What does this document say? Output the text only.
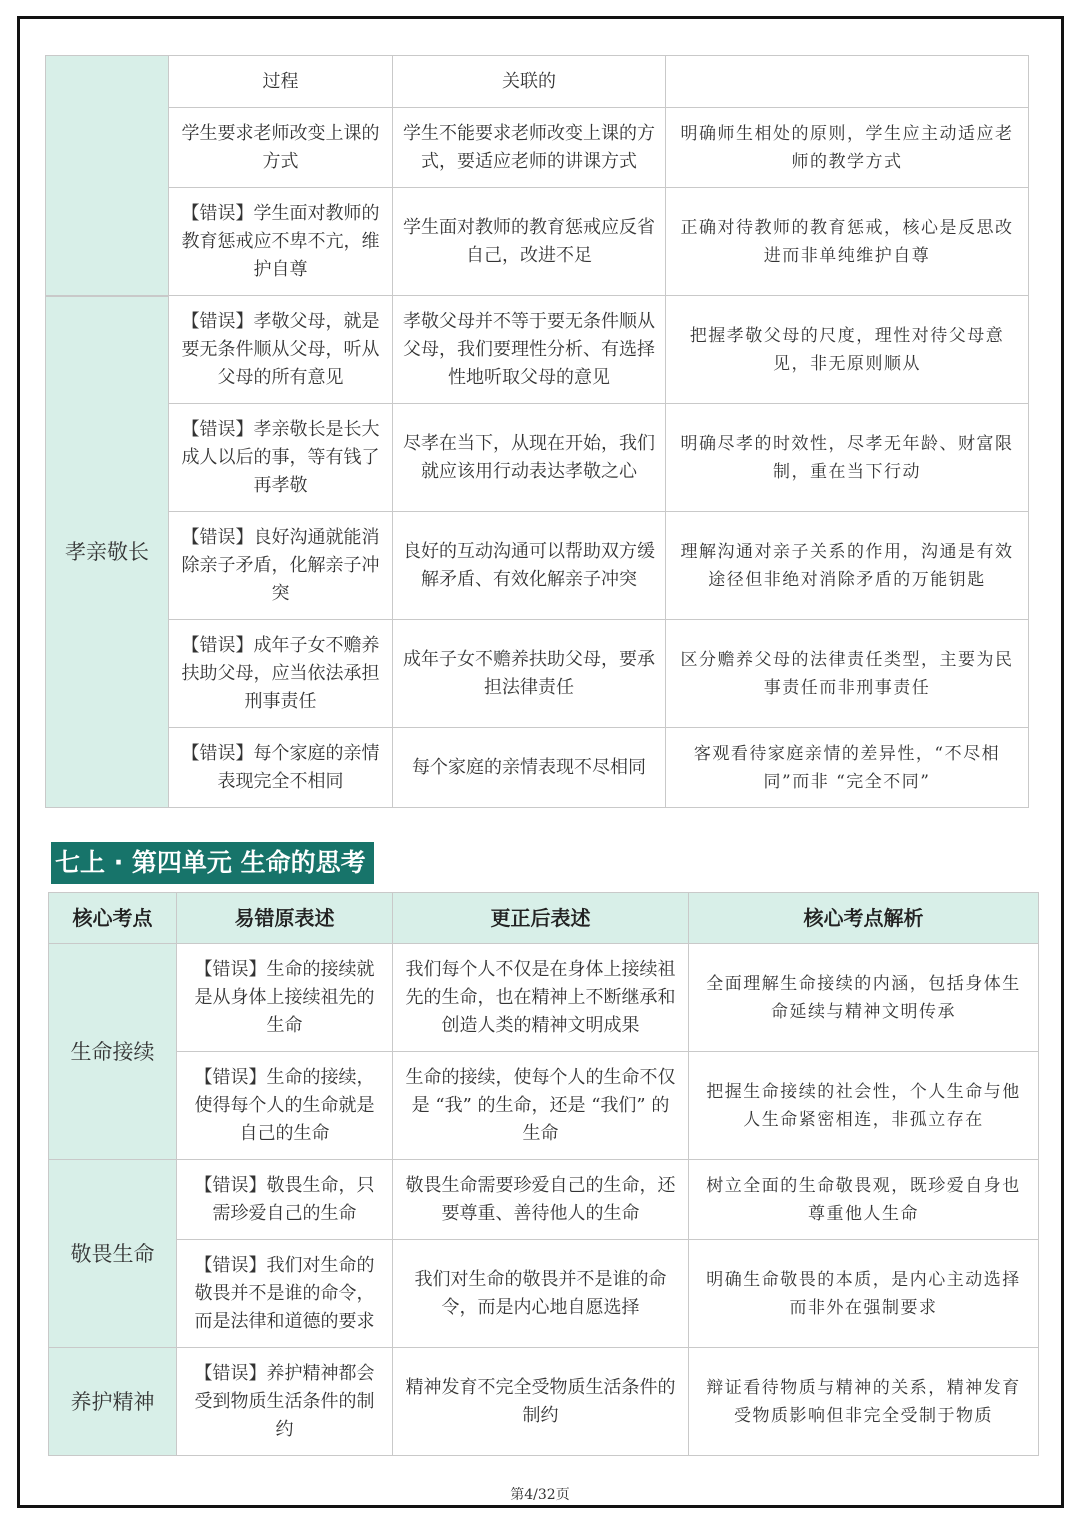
	过程	关联的	
	学生要求老师改变上课的方式	学生不能要求老师改变上课的方式，要适应老师的讲课方式	明确师生相处的原则，学生应主动适应老师的教学方式
	【错误】学生面对教师的教育惩戒应不卑不亢，维护自尊	学生面对教师的教育惩戒应反省自己，改进不足	正确对待教师的教育惩戒，核心是反思改进而非单纯维护自尊
孝亲敬长	【错误】孝敬父母，就是要无条件顺从父母，听从父母的所有意见	孝敬父母并不等于要无条件顺从父母，我们要理性分析、有选择性地听取父母的意见	把握孝敬父母的尺度，理性对待父母意见，非无原则顺从
	【错误】孝亲敬长是长大成人以后的事，等有钱了再孝敬	尽孝在当下，从现在开始，我们就应该用行动表达孝敬之心	明确尽孝的时效性，尽孝无年龄、财富限制，重在当下行动
	【错误】良好沟通就能消除亲子矛盾，化解亲子冲突	良好的互动沟通可以帮助双方缓解矛盾、有效化解亲子冲突	理解沟通对亲子关系的作用，沟通是有效途径但非绝对消除矛盾的万能钥匙
	【错误】成年子女不赡养扶助父母，应当依法承担刑事责任	成年子女不赡养扶助父母，要承担法律责任	区分赡养父母的法律责任类型，主要为民事责任而非刑事责任
	【错误】每个家庭的亲情表现完全不相同	每个家庭的亲情表现不尽相同	客观看待家庭亲情的差异性，“不尽相同”而非 “完全不同”
七上 · 第四单元 生命的思考
核心考点	易错原表述	更正后表述	核心考点解析
生命接续	【错误】生命的接续就是从身体上接续祖先的生命	我们每个人不仅是在身体上接续祖先的生命，也在精神上不断继承和创造人类的精神文明成果	全面理解生命接续的内涵，包括身体生命延续与精神文明传承
	【错误】生命的接续，使得每个人的生命就是自己的生命	生命的接续，使每个人的生命不仅是 “我” 的生命，还是 “我们” 的生命	把握生命接续的社会性，个人生命与他人生命紧密相连，非孤立存在
敬畏生命	【错误】敬畏生命，只需珍爱自己的生命	敬畏生命需要珍爱自己的生命，还要尊重、善待他人的生命	树立全面的生命敬畏观，既珍爱自身也尊重他人生命
	【错误】我们对生命的敬畏并不是谁的命令，而是法律和道德的要求	我们对生命的敬畏并不是谁的命令，而是内心地自愿选择	明确生命敬畏的本质，是内心主动选择而非外在强制要求
养护精神	【错误】养护精神都会受到物质生活条件的制约	精神发育不完全受物质生活条件的制约	辩证看待物质与精神的关系，精神发育受物质影响但非完全受制于物质
第4/32页
